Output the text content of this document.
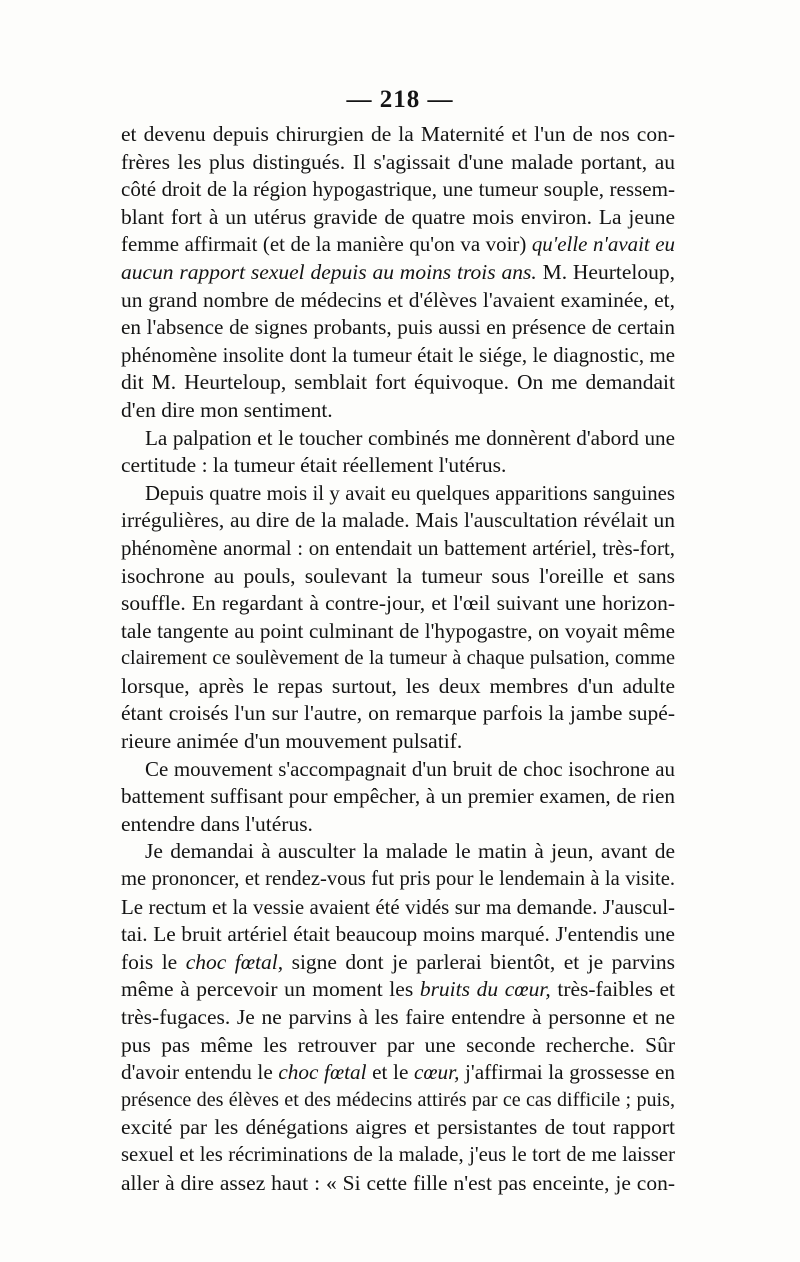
— 218 —
et devenu depuis chirurgien de la Maternité et l'un de nos con-
frères les plus distingués. Il s'agissait d'une malade portant, au
côté droit de la région hypogastrique, une tumeur souple, ressem-
blant fort à un utérus gravide de quatre mois environ. La jeune
femme affirmait (et de la manière qu'on va voir) qu'elle n'avait eu
aucun rapport sexuel depuis au moins trois ans. M. Heurteloup,
un grand nombre de médecins et d'élèves l'avaient examinée, et,
en l'absence de signes probants, puis aussi en présence de certain
phénomène insolite dont la tumeur était le siége, le diagnostic, me
dit M. Heurteloup, semblait fort équivoque. On me demandait
d'en dire mon sentiment.
La palpation et le toucher combinés me donnèrent d'abord une
certitude : la tumeur était réellement l'utérus.
Depuis quatre mois il y avait eu quelques apparitions sanguines
irrégulières, au dire de la malade. Mais l'auscultation révélait un
phénomène anormal : on entendait un battement artériel, très-fort,
isochrone au pouls, soulevant la tumeur sous l'oreille et sans
souffle. En regardant à contre-jour, et l'œil suivant une horizon-
tale tangente au point culminant de l'hypogastre, on voyait même
clairement ce soulèvement de la tumeur à chaque pulsation, comme
lorsque, après le repas surtout, les deux membres d'un adulte
étant croisés l'un sur l'autre, on remarque parfois la jambe supé-
rieure animée d'un mouvement pulsatif.
Ce mouvement s'accompagnait d'un bruit de choc isochrone au
battement suffisant pour empêcher, à un premier examen, de rien
entendre dans l'utérus.
Je demandai à ausculter la malade le matin à jeun, avant de
me prononcer, et rendez-vous fut pris pour le lendemain à la visite.
Le rectum et la vessie avaient été vidés sur ma demande. J'auscul-
tai. Le bruit artériel était beaucoup moins marqué. J'entendis une
fois le choc fœtal, signe dont je parlerai bientôt, et je parvins
même à percevoir un moment les bruits du cœur, très-faibles et
très-fugaces. Je ne parvins à les faire entendre à personne et ne
pus pas même les retrouver par une seconde recherche. Sûr
d'avoir entendu le choc fœtal et le cœur, j'affirmai la grossesse en
présence des élèves et des médecins attirés par ce cas difficile ; puis,
excité par les dénégations aigres et persistantes de tout rapport
sexuel et les récriminations de la malade, j'eus le tort de me laisser
aller à dire assez haut : « Si cette fille n'est pas enceinte, je con-
